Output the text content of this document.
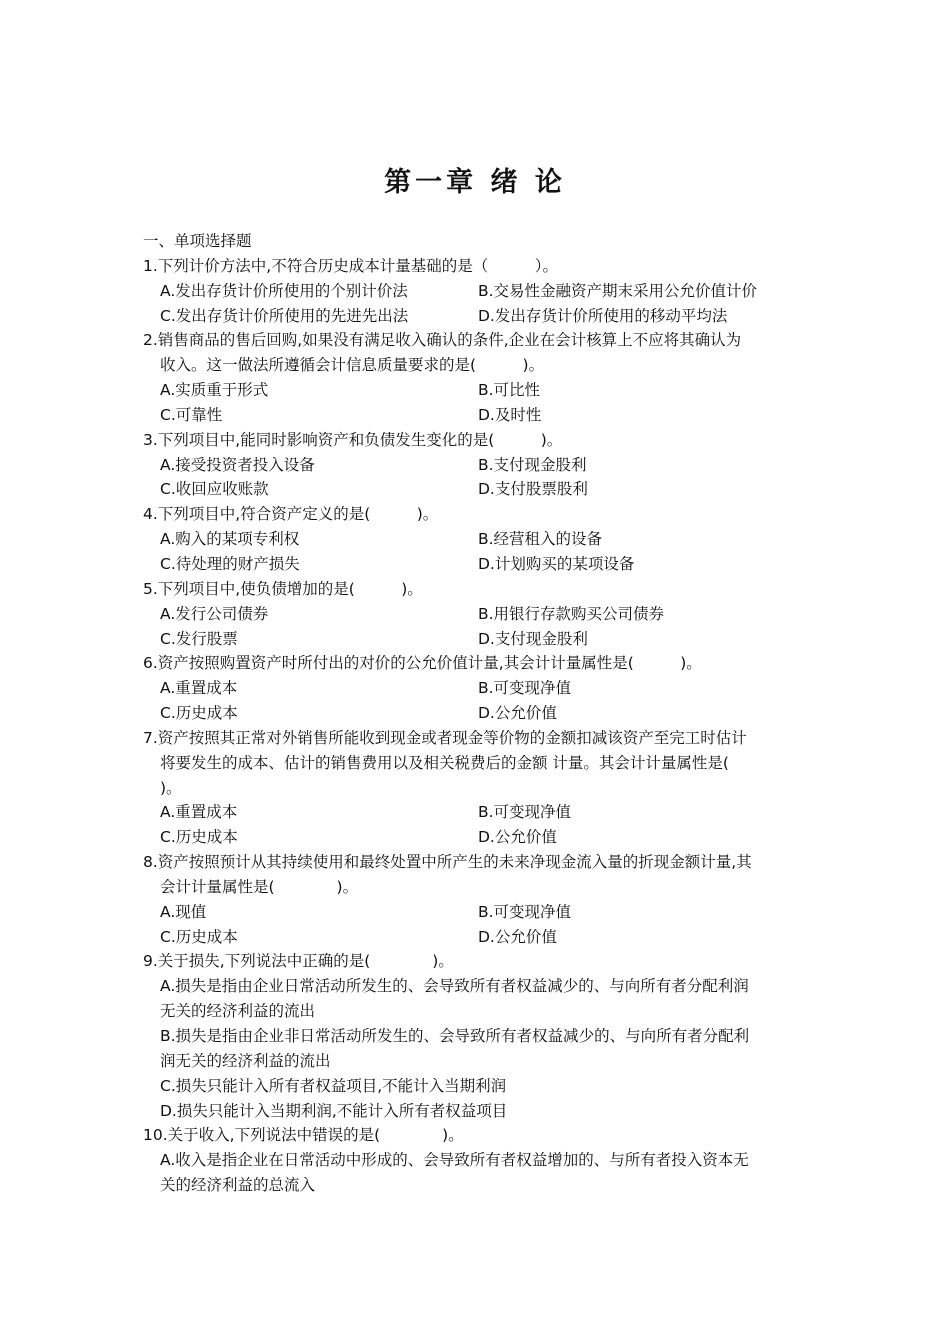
第一章 绪 论
一、单项选择题
1.下列计价方法中,不符合历史成本计量基础的是（　　　）。
A.发出存货计价所使用的个别计价法	B.交易性金融资产期末采用公允价值计价
C.发出存货计价所使用的先进先出法	D.发出存货计价所使用的移动平均法
2.销售商品的售后回购,如果没有满足收入确认的条件,企业在会计核算上不应将其确认为
收入。这一做法所遵循会计信息质量要求的是(　　　)。
A.实质重于形式	B.可比性
C.可靠性	D.及时性
3.下列项目中,能同时影响资产和负债发生变化的是(　　　)。
A.接受投资者投入设备	B.支付现金股利
C.收回应收账款	D.支付股票股利
4.下列项目中,符合资产定义的是(　　　)。
A.购入的某项专利权	B.经营租入的设备
C.待处理的财产损失	D.计划购买的某项设备
5.下列项目中,使负债增加的是(　　　)。
A.发行公司债券	B.用银行存款购买公司债券
C.发行股票	D.支付现金股利
6.资产按照购置资产时所付出的对价的公允价值计量,其会计计量属性是(　　　)。
A.重置成本	B.可变现净值
C.历史成本	D.公允价值
7.资产按照其正常对外销售所能收到现金或者现金等价物的金额扣减该资产至完工时估计
将要发生的成本、估计的销售费用以及相关税费后的金额 计量。其会计计量属性是(
)。
A.重置成本	B.可变现净值
C.历史成本	D.公允价值
8.资产按照预计从其持续使用和最终处置中所产生的未来净现金流入量的折现金额计量,其
会计计量属性是(　　　　)。
A.现值	B.可变现净值
C.历史成本	D.公允价值
9.关于损失,下列说法中正确的是(　　　　)。
A.损失是指由企业日常活动所发生的、会导致所有者权益减少的、与向所有者分配利润
无关的经济利益的流出
B.损失是指由企业非日常活动所发生的、会导致所有者权益减少的、与向所有者分配利
润无关的经济利益的流出
C.损失只能计入所有者权益项目,不能计入当期利润
D.损失只能计入当期利润,不能计入所有者权益项目
10.关于收入,下列说法中错误的是(　　　　)。
A.收入是指企业在日常活动中形成的、会导致所有者权益增加的、与所有者投入资本无
关的经济利益的总流入
